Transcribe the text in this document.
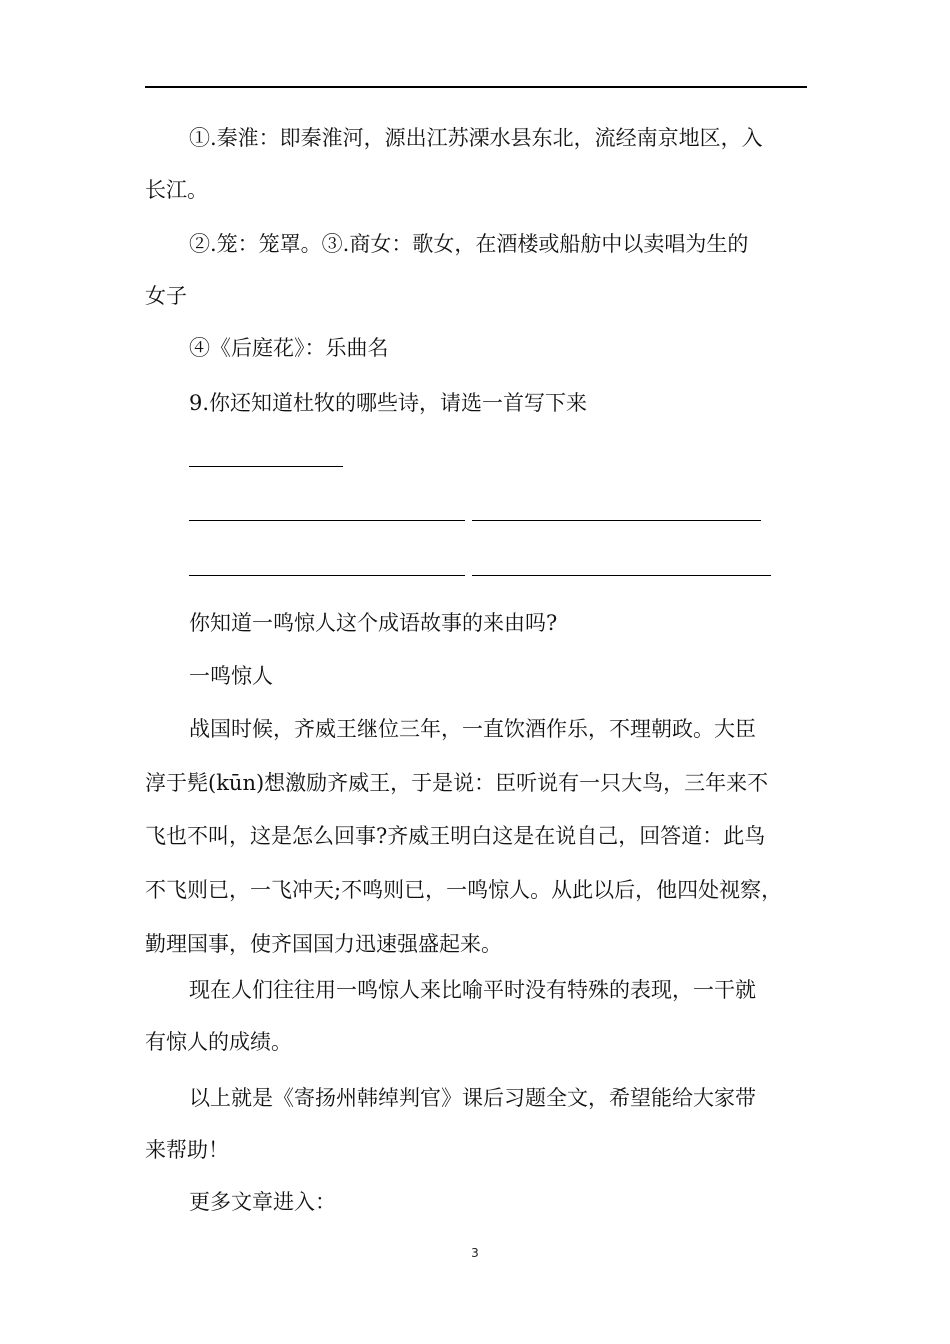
①.秦淮：即秦淮河，源出江苏溧水县东北，流经南京地区，入

长江。

②.笼：笼罩。③.商女：歌女，在酒楼或船舫中以卖唱为生的

女子

④《后庭花》：乐曲名

9.你还知道杜牧的哪些诗，请选一首写下来

你知道一鸣惊人这个成语故事的来由吗?

一鸣惊人

战国时候，齐威王继位三年，一直饮酒作乐，不理朝政。大臣

淳于髡(kūn)想激励齐威王，于是说：臣听说有一只大鸟，三年来不

飞也不叫，这是怎么回事?齐威王明白这是在说自己，回答道：此鸟

不飞则已，一飞冲天;不鸣则已，一鸣惊人。从此以后，他四处视察，

勤理国事，使齐国国力迅速强盛起来。

现在人们往往用一鸣惊人来比喻平时没有特殊的表现，一干就

有惊人的成绩。

以上就是《寄扬州韩绰判官》课后习题全文，希望能给大家带

来帮助！

更多文章进入：

3
